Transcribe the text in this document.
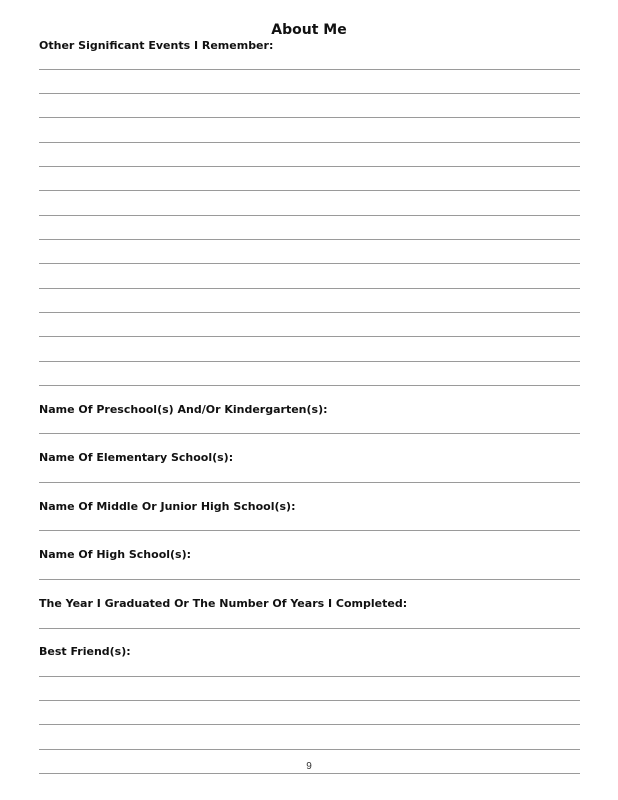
About Me
Other Significant Events I Remember:
Name Of Preschool(s) And/Or Kindergarten(s):
Name Of Elementary School(s):
Name Of Middle Or Junior High School(s):
Name Of High School(s):
The Year I Graduated Or The Number Of Years I Completed:
Best Friend(s):
9
